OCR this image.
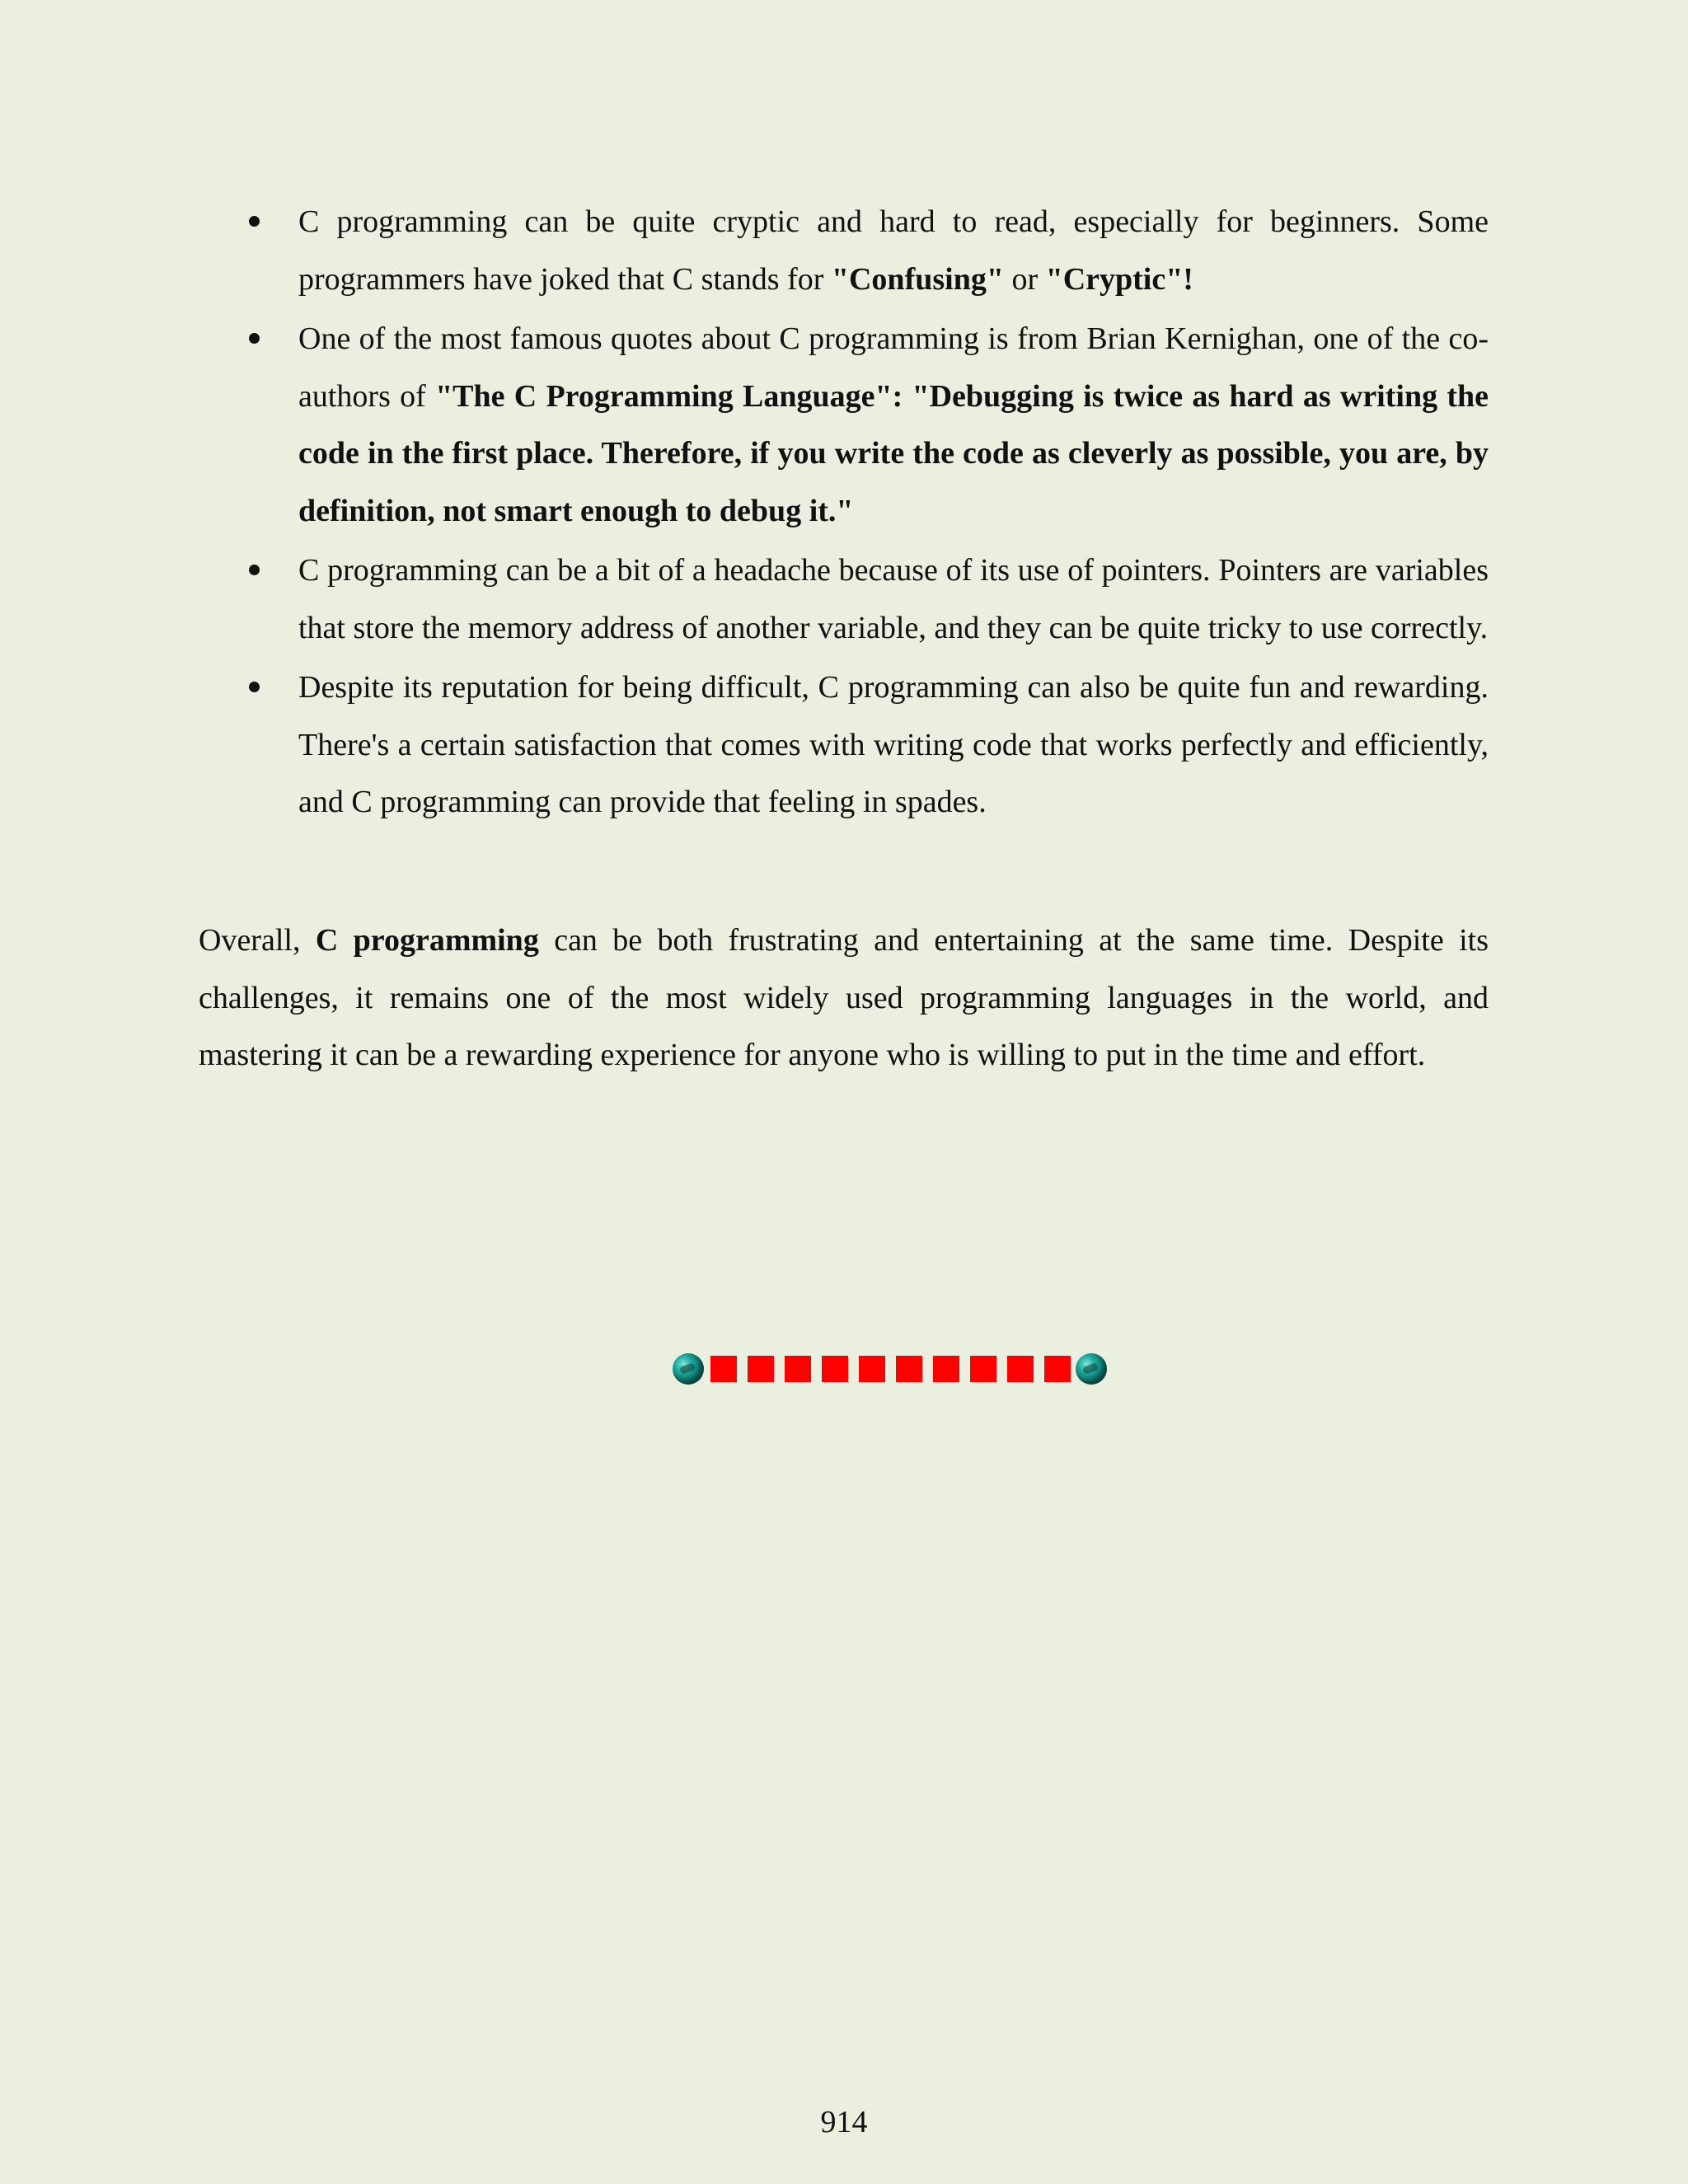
C programming can be quite cryptic and hard to read, especially for beginners. Some programmers have joked that C stands for "Confusing" or "Cryptic"!
One of the most famous quotes about C programming is from Brian Kernighan, one of the co-authors of "The C Programming Language": "Debugging is twice as hard as writing the code in the first place. Therefore, if you write the code as cleverly as possible, you are, by definition, not smart enough to debug it."
C programming can be a bit of a headache because of its use of pointers. Pointers are variables that store the memory address of another variable, and they can be quite tricky to use correctly.
Despite its reputation for being difficult, C programming can also be quite fun and rewarding. There's a certain satisfaction that comes with writing code that works perfectly and efficiently, and C programming can provide that feeling in spades.

Overall, C programming can be both frustrating and entertaining at the same time. Despite its challenges, it remains one of the most widely used programming languages in the world, and mastering it can be a rewarding experience for anyone who is willing to put in the time and effort.

914
